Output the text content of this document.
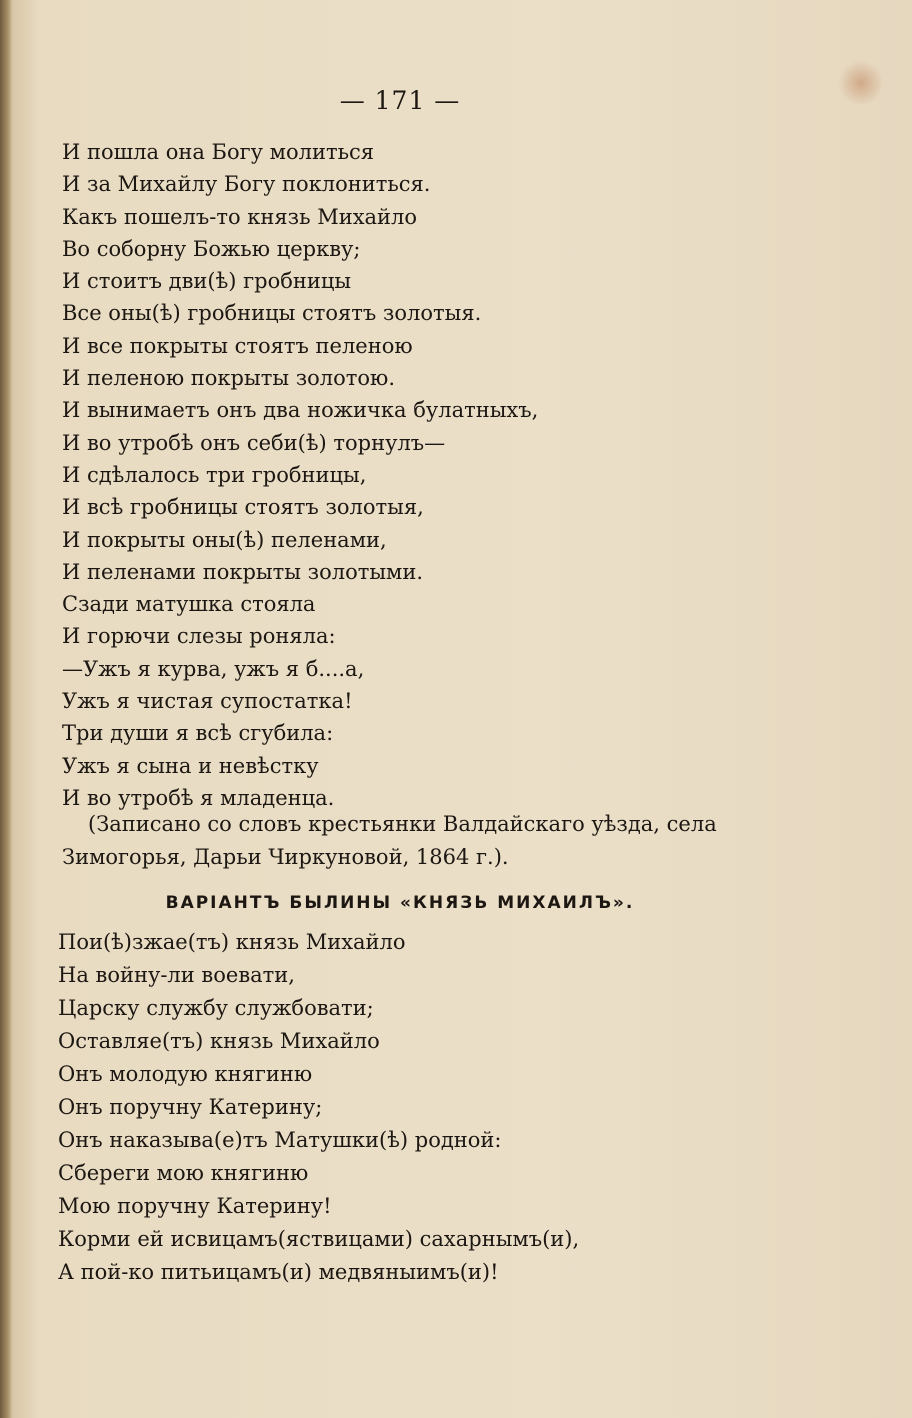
— 171 —
И пошла она Богу молиться
И за Михайлу Богу поклониться.
Какъ пошелъ-то князь Михайло
Во соборну Божью церкву;
И стоитъ дви(ѣ) гробницы
Все оны(ѣ) гробницы стоятъ золотыя.
И все покрыты стоятъ пеленою
И пеленою покрыты золотою.
И вынимаетъ онъ два ножичка булатныхъ,
И во утробѣ онъ себи(ѣ) торнулъ—
И сдѣлалось три гробницы,
И всѣ гробницы стоятъ золотыя,
И покрыты оны(ѣ) пеленами,
И пеленами покрыты золотыми.
Сзади матушка стояла
И горючи слезы роняла:
—Ужъ я курва, ужъ я б....а,
Ужъ я чистая супостатка!
Три души я всѣ сгубила:
Ужъ я сына и невѣстку
И во утробѣ я младенца.

(Записано со словъ крестьянки Валдайскаго уѣзда, села Зимогорья, Дарьи Чиркуновой, 1864 г.).

ВАРІАНТЪ БЫЛИНЫ «КНЯЗЬ МИХАИЛЪ».
Пои(ѣ)зжае(тъ) князь Михайло
На войну-ли воевати,
Царску службу службовати;
Оставляе(тъ) князь Михайло
Онъ молодую княгиню
Онъ поручну Катерину;
Онъ наказыва(е)тъ Матушки(ѣ) родной:
Сбереги мою княгиню
Мою поручну Катерину!
Корми ей исвицамъ(яствицами) сахарнымъ(и),
А пой-ко питьицамъ(и) медвяныимъ(и)!
